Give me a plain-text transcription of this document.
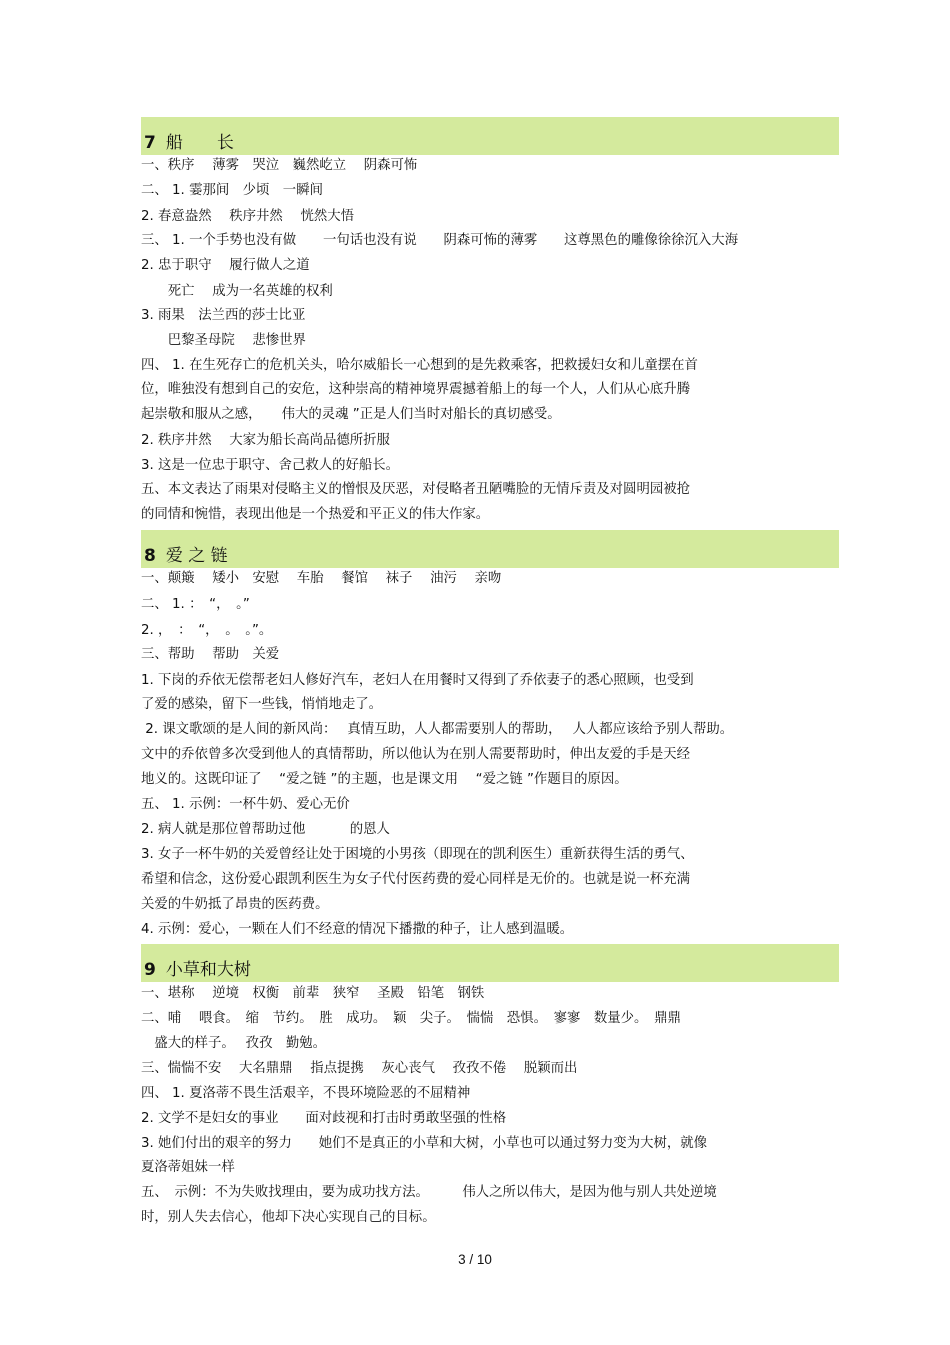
7 船　　长
一、秩序　 薄雾　哭泣　巍然屹立　 阴森可怖
二、 1. 霎那间　少顷　一瞬间
2. 春意盎然　 秩序井然　 恍然大悟
三、 1. 一个手势也没有做　　一句话也没有说　　阴森可怖的薄雾　　这尊黑色的雕像徐徐沉入大海
2. 忠于职守　 履行做人之道
　　死亡　 成为一名英雄的权利
3. 雨果　法兰西的莎士比亚
　　巴黎圣母院　 悲惨世界
四、 1. 在生死存亡的危机关头，哈尔威船长一心想到的是先救乘客，把救援妇女和儿童摆在首
位，唯独没有想到自己的安危，这种崇高的精神境界震撼着船上的每一个人，人们从心底升腾
起崇敬和服从之感，　　伟大的灵魂 ”正是人们当时对船长的真切感受。
2. 秩序井然　 大家为船长高尚品德所折服
3. 这是一位忠于职守、舍己救人的好船长。
五、本文表达了雨果对侵略主义的憎恨及厌恶，对侵略者丑陋嘴脸的无情斥责及对圆明园被抢
的同情和惋惜，表现出他是一个热爱和平正义的伟大作家。
8 爱 之 链
一、颠簸　 矮小　安慰　 车胎　 餐馆　 袜子　 油污　 亲吻
二、 1. ：　“，　。”
2. ，　：　“，　。　。”。
三、帮助　 帮助　关爱
1. 下岗的乔依无偿帮老妇人修好汽车，老妇人在用餐时又得到了乔依妻子的悉心照顾，也受到
了爱的感染，留下一些钱，悄悄地走了。
2. 课文歌颂的是人间的新风尚：　 真情互助，人人都需要别人的帮助，　 人人都应该给予别人帮助。
文中的乔依曾多次受到他人的真情帮助，所以他认为在别人需要帮助时，伸出友爱的手是天经
地义的。这既印证了　 “爱之链 ”的主题，也是课文用　 “爱之链 ”作题目的原因。
五、 1. 示例：一杯牛奶、爱心无价
2. 病人就是那位曾帮助过他　　　 的恩人
3. 女子一杯牛奶的关爱曾经让处于困境的小男孩（即现在的凯利医生）重新获得生活的勇气、
希望和信念，这份爱心跟凯利医生为女子代付医药费的爱心同样是无价的。也就是说一杯充满
关爱的牛奶抵了昂贵的医药费。
4. 示例：爱心，一颗在人们不经意的情况下播撒的种子，让人感到温暖。
9 小草和大树
一、堪称　 逆境　权衡　前辈　狭窄　 圣殿　铅笔　钢铁
二、哺　 喂食。　缩　节约。　胜　成功。　颖　尖子。　惴惴　恐惧。　寥寥　数量少。　鼎鼎
　盛大的样子。　 孜孜　勤勉。
三、惴惴不安　 大名鼎鼎　 指点提携　 灰心丧气　 孜孜不倦　 脱颖而出
四、 1. 夏洛蒂不畏生活艰辛，不畏环境险恶的不屈精神
2. 文学不是妇女的事业　　面对歧视和打击时勇敢坚强的性格
3. 她们付出的艰辛的努力　　她们不是真正的小草和大树，小草也可以通过努力变为大树，就像
夏洛蒂姐妹一样
五、　示例：不为失败找理由，要为成功找方法。　　　伟人之所以伟大，是因为他与别人共处逆境
时，别人失去信心，他却下决心实现自己的目标。
3 / 10
